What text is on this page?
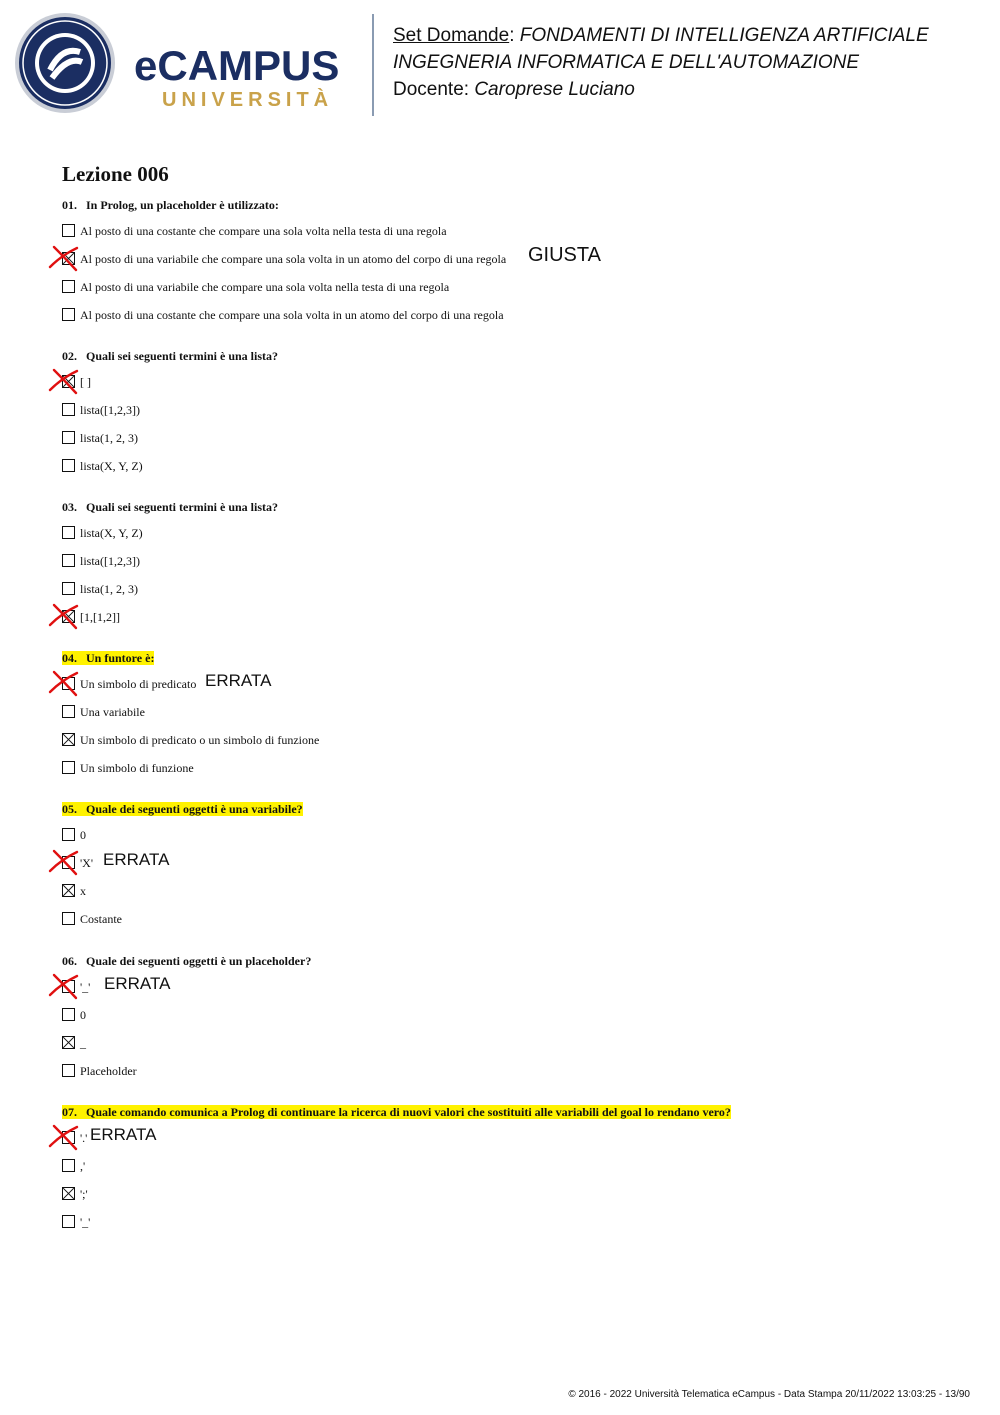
eCAMPUS
UNIVERSITÀ
Set Domande: FONDAMENTI DI INTELLIGENZA ARTIFICIALE
INGEGNERIA INFORMATICA E DELL'AUTOMAZIONE
Docente: Caroprese Luciano
Lezione 006
01.   In Prolog, un placeholder è utilizzato:
Al posto di una costante che compare una sola volta nella testa di una regola
Al posto di una variabile che compare una sola volta in un atomo del corpo di una regola GIUSTA
Al posto di una variabile che compare una sola volta nella testa di una regola
Al posto di una costante che compare una sola volta in un atomo del corpo di una regola
02.   Quali sei seguenti termini è una lista?
[ ]
lista([1,2,3])
lista(1, 2, 3)
lista(X, Y, Z)
03.   Quali sei seguenti termini è una lista?
lista(X, Y, Z)
lista([1,2,3])
lista(1, 2, 3)
[1,[1,2]]
04.   Un funtore è:
Un simbolo di predicato ERRATA
Una variabile
Un simbolo di predicato o un simbolo di funzione
Un simbolo di funzione
05.   Quale dei seguenti oggetti è una variabile?
0
'X' ERRATA
x
Costante
06.   Quale dei seguenti oggetti è un placeholder?
'_' ERRATA
0
_
Placeholder
07.   Quale comando comunica a Prolog di continuare la ricerca di nuovi valori che sostituiti alle variabili del goal lo rendano vero?
'.' ERRATA
,'
';'
'_'
© 2016 - 2022 Università Telematica eCampus - Data Stampa 20/11/2022 13:03:25 - 13/90
